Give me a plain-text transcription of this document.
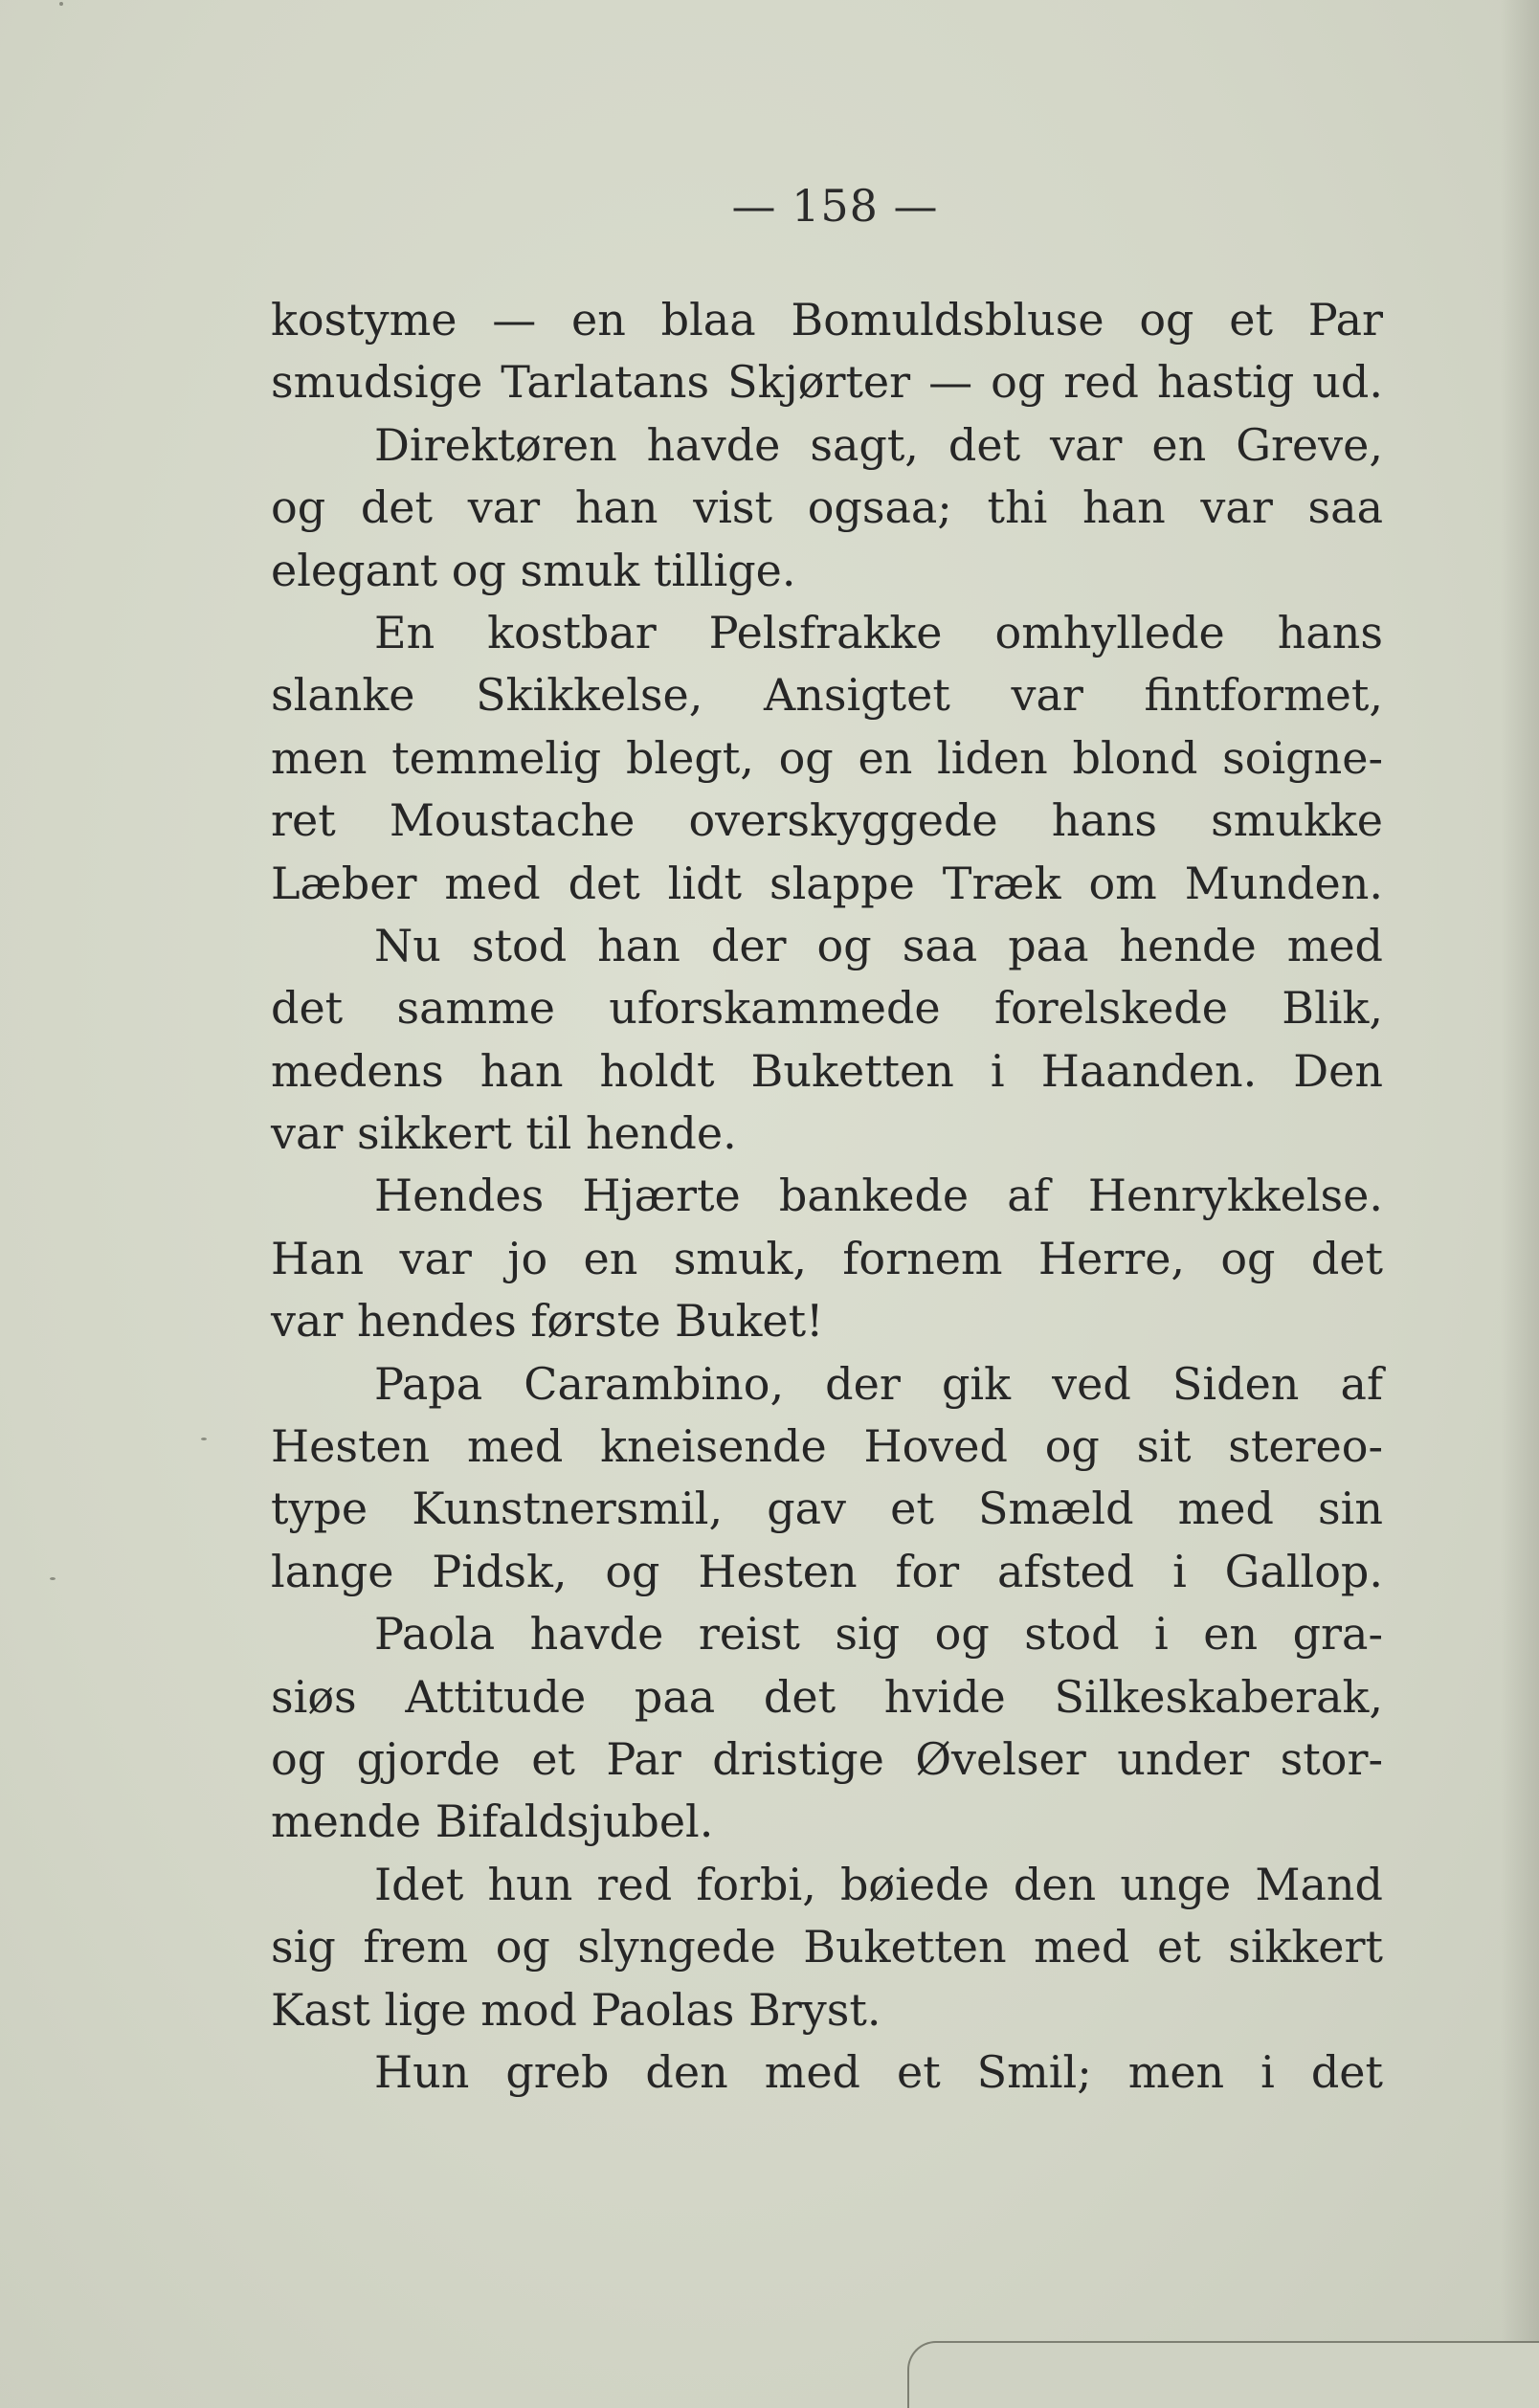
— 158 —
kostyme — en blaa Bomuldsbluse og et Par
smudsige Tarlatans Skjørter — og red hastig ud.
Direktøren havde sagt, det var en Greve,
og det var han vist ogsaa; thi han var saa
elegant og smuk tillige.
En kostbar Pelsfrakke omhyllede hans
slanke Skikkelse, Ansigtet var fintformet,
men temmelig blegt, og en liden blond soigne-
ret Moustache overskyggede hans smukke
Læber med det lidt slappe Træk om Munden.
Nu stod han der og saa paa hende med
det samme uforskammede forelskede Blik,
medens han holdt Buketten i Haanden. Den
var sikkert til hende.
Hendes Hjærte bankede af Henrykkelse.
Han var jo en smuk, fornem Herre, og det
var hendes første Buket!
Papa Carambino, der gik ved Siden af
Hesten med kneisende Hoved og sit stereo-
type Kunstnersmil, gav et Smæld med sin
lange Pidsk, og Hesten for afsted i Gallop.
Paola havde reist sig og stod i en gra-
siøs Attitude paa det hvide Silkeskaberak,
og gjorde et Par dristige Øvelser under stor-
mende Bifaldsjubel.
Idet hun red forbi, bøiede den unge Mand
sig frem og slyngede Buketten med et sikkert
Kast lige mod Paolas Bryst.
Hun greb den med et Smil; men i det
